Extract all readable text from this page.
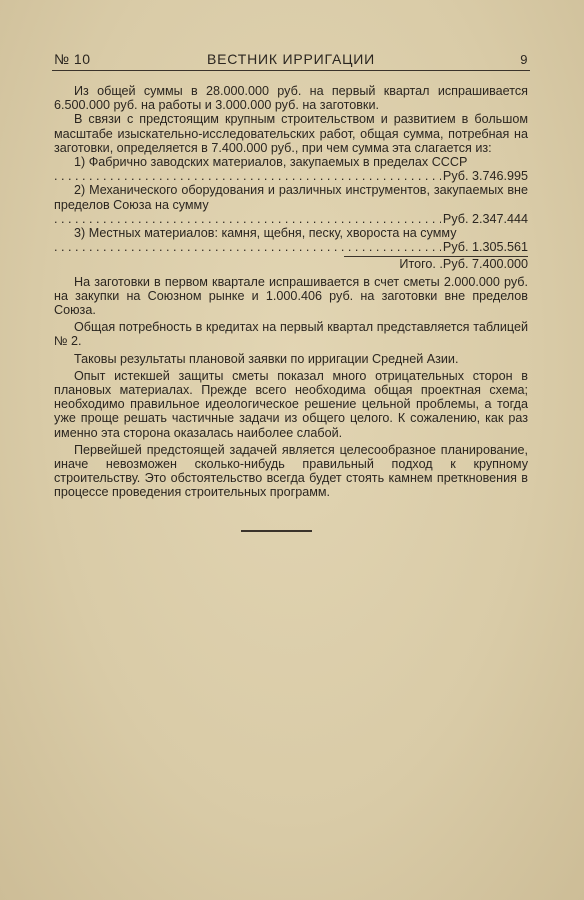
№ 10	ВЕСТНИК ИРРИГАЦИИ	9

Из общей суммы в 28.000.000 руб. на первый квартал испрашивается 6.500.000 руб. на работы и 3.000.000 руб. на заготовки.

В связи с предстоящим крупным строительством и развитием в большом масштабе изыскательно-исследовательских работ, общая сумма, потребная на заготовки, определяется в 7.400.000 руб., при чем сумма эта слагается из:

1) Фабрично заводских материалов, закупаемых в пределах СССР

. . .
Руб. 3.746.995

2) Механического оборудования и различных инструментов, закупаемых вне пределов Союза на сумму

. . .
Руб. 2.347.444

3) Местных материалов: камня, щебня, песку, хвороста на сумму

. . .
Руб. 1.305.561
Итого. .Руб. 7.400.000

На заготовки в первом квартале испрашивается в счет сметы 2.000.000 руб. на закупки на Союзном рынке и 1.000.406 руб. на заготовки вне пределов Союза.

Общая потребность в кредитах на первый квартал представляется таблицей № 2.

Таковы результаты плановой заявки по ирригации Средней Азии.

Опыт истекшей защиты сметы показал много отрицательных сторон в плановых материалах. Прежде всего необходима общая проектная схема; необходимо правильное идеологическое решение цельной проблемы, а тогда уже проще решать частичные задачи из общего целого. К сожалению, как раз именно эта сторона оказалась наиболее слабой.

Первейшей предстоящей задачей является целесообразное планирование, иначе невозможен сколько-нибудь правильный подход к крупному строительству. Это обстоятельство всегда будет стоять камнем преткновения в процессе проведения строительных программ.
